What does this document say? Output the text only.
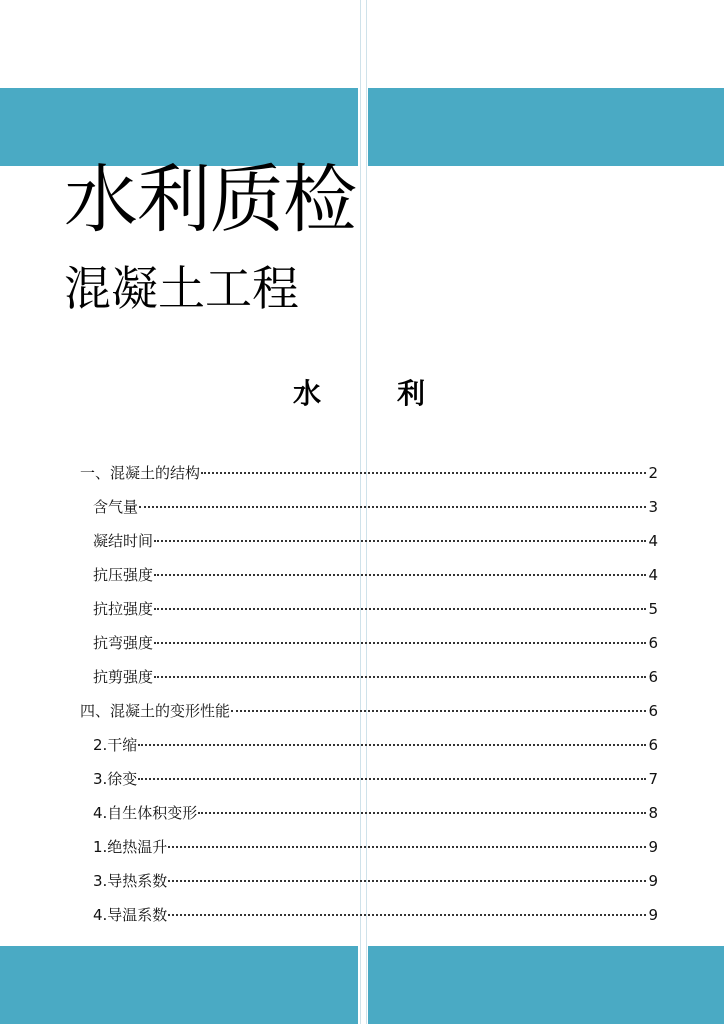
水利质检
混凝土工程
水	利
一、混凝土的结构	2
含气量	3
凝结时间	4
抗压强度	4
抗拉强度	5
抗弯强度	6
抗剪强度	6
四、混凝土的变形性能	6
2.干缩	6
3.徐变	7
4.自生体积变形	8
1.绝热温升	9
3.导热系数	9
4.导温系数	9
